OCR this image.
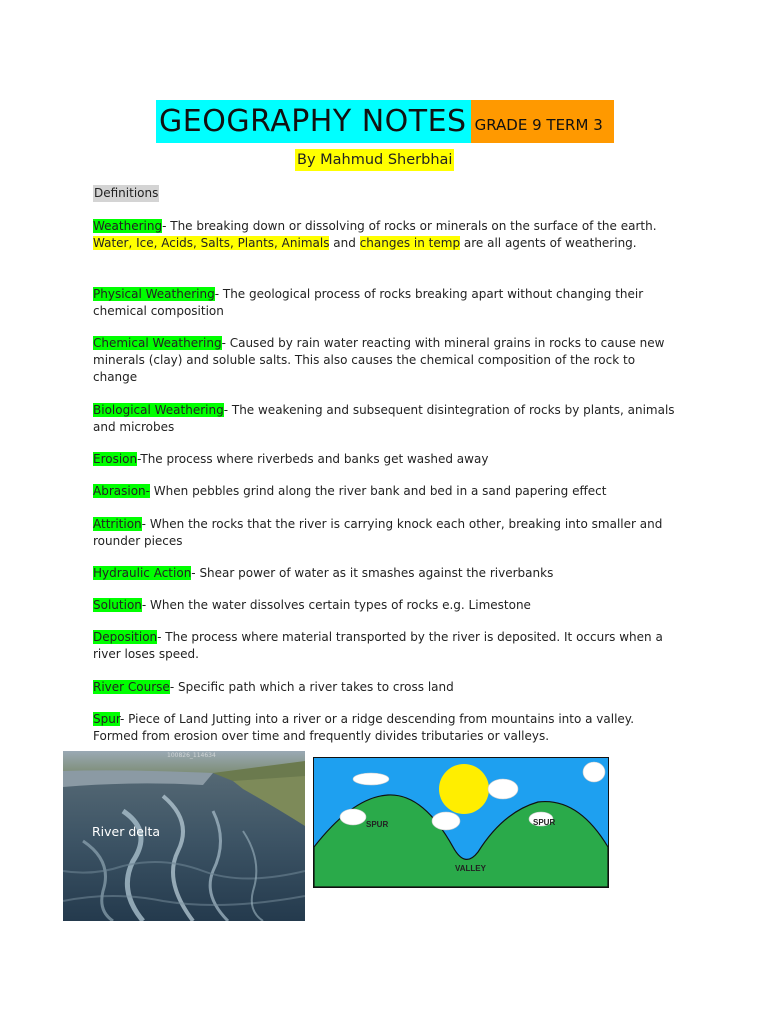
GEOGRAPHY NOTES GRADE 9 TERM 3
By Mahmud Sherbhai
Definitions
Weathering- The breaking down or dissolving of rocks or minerals on the surface of the earth. Water, Ice, Acids, Salts, Plants, Animals and changes in temp are all agents of weathering.
Physical Weathering- The geological process of rocks breaking apart without changing their chemical composition
Chemical Weathering- Caused by rain water reacting with mineral grains in rocks to cause new minerals (clay) and soluble salts. This also causes the chemical composition of the rock to change
Biological Weathering- The weakening and subsequent disintegration of rocks by plants, animals and microbes
Erosion-The process where riverbeds and banks get washed away
Abrasion- When pebbles grind along the river bank and bed in a sand papering effect
Attrition- When the rocks that the river is carrying knock each other, breaking into smaller and rounder pieces
Hydraulic Action- Shear power of water as it smashes against the riverbanks
Solution- When the water dissolves certain types of rocks e.g. Limestone
Deposition- The process where material transported by the river is deposited. It occurs when a river loses speed.
River Course- Specific path which a river takes to cross land
Spur- Piece of Land Jutting into a river or a ridge descending from mountains into a valley. Formed from erosion over time and frequently divides tributaries or valleys.
100826_114634
River delta	SPUR	SPUR
VALLEY
